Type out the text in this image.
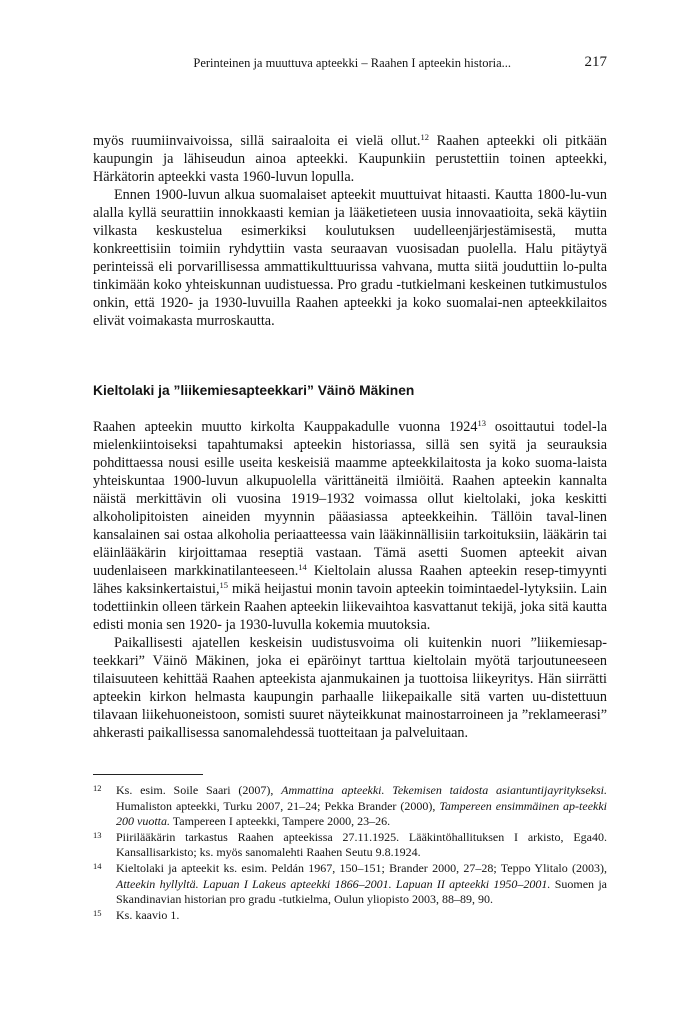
Perinteinen ja muuttuva apteekki – Raahen I apteekin historia...	217

myös ruumiinvaivoissa, sillä sairaaloita ei vielä ollut.$^{12}$ Raahen apteekki oli pitkään kaupungin ja lähiseudun ainoa apteekki. Kaupunkiin perustettiin toinen apteekki, Härkätorin apteekki vasta 1960-luvun lopulla.

Ennen 1900-luvun alkua suomalaiset apteekit muuttuivat hitaasti. Kautta 1800-lu-vun alalla kyllä seurattiin innokkaasti kemian ja lääketieteen uusia innovaatioita, sekä käytiin vilkasta keskustelua esimerkiksi koulutuksen uudelleenjärjestämisestä, mutta konkreettisiin toimiin ryhdyttiin vasta seuraavan vuosisadan puolella. Halu pitäytyä perinteissä eli porvarillisessa ammattikulttuurissa vahvana, mutta siitä jouduttiin lo-pulta tinkimään koko yhteiskunnan uudistuessa. Pro gradu -tutkielmani keskeinen tutkimustulos onkin, että 1920- ja 1930-luvuilla Raahen apteekki ja koko suomalai-nen apteekkilaitos elivät voimakasta murroskautta.

Kieltolaki ja ”liikemiesapteekkari” Väinö Mäkinen

Raahen apteekin muutto kirkolta Kauppakadulle vuonna 1924$^{13}$ osoittautui todel-la mielenkiintoiseksi tapahtumaksi apteekin historiassa, sillä sen syitä ja seurauksia pohdittaessa nousi esille useita keskeisiä maamme apteekkilaitosta ja koko suoma-laista yhteiskuntaa 1900-luvun alkupuolella värittäneitä ilmiöitä. Raahen apteekin kannalta näistä merkittävin oli vuosina 1919–1932 voimassa ollut kieltolaki, joka keskitti alkoholipitoisten aineiden myynnin pääasiassa apteekkeihin. Tällöin taval-linen kansalainen sai ostaa alkoholia periaatteessa vain lääkinnällisiin tarkoituksiin, lääkärin tai eläinlääkärin kirjoittamaa reseptiä vastaan. Tämä asetti Suomen apteekit aivan uudenlaiseen markkinatilanteeseen.$^{14}$ Kieltolain alussa Raahen apteekin resep-timyynti lähes kaksinkertaistui,$^{15}$ mikä heijastui monin tavoin apteekin toimintaedel-lytyksiin. Lain todettiinkin olleen tärkein Raahen apteekin liikevaihtoa kasvattanut tekijä, joka sitä kautta edisti monia sen 1920- ja 1930-luvulla kokemia muutoksia.

Paikallisesti ajatellen keskeisin uudistusvoima oli kuitenkin nuori ”liikemiesap-teekkari” Väinö Mäkinen, joka ei epäröinyt tarttua kieltolain myötä tarjoutuneeseen tilaisuuteen kehittää Raahen apteekista ajanmukainen ja tuottoisa liikeyritys. Hän siirrätti apteekin kirkon helmasta kaupungin parhaalle liikepaikalle sitä varten uu-distettuun tilavaan liikehuoneistoon, somisti suuret näyteikkunat mainostarroineen ja ”reklameerasi” ahkerasti paikallisessa sanomalehdessä tuotteitaan ja palveluitaan.

12 Ks. esim. Soile Saari (2007), Ammattina apteekki. Tekemisen taidosta asiantuntijayritykseksi. Humaliston apteekki, Turku 2007, 21–24; Pekka Brander (2000), Tampereen ensimmäinen ap-teekki 200 vuotta. Tampereen I apteekki, Tampere 2000, 23–26.
13 Piirilääkärin tarkastus Raahen apteekissa 27.11.1925. Lääkintöhallituksen I arkisto, Ega40. Kansallisarkisto; ks. myös sanomalehti Raahen Seutu 9.8.1924.
14 Kieltolaki ja apteekit ks. esim. Peldán 1967, 150–151; Brander 2000, 27–28; Teppo Ylitalo (2003), Atteekin hyllyltä. Lapuan I Lakeus apteekki 1866–2001. Lapuan II apteekki 1950–2001. Suomen ja Skandinavian historian pro gradu -tutkielma, Oulun yliopisto 2003, 88–89, 90.
15 Ks. kaavio 1.
